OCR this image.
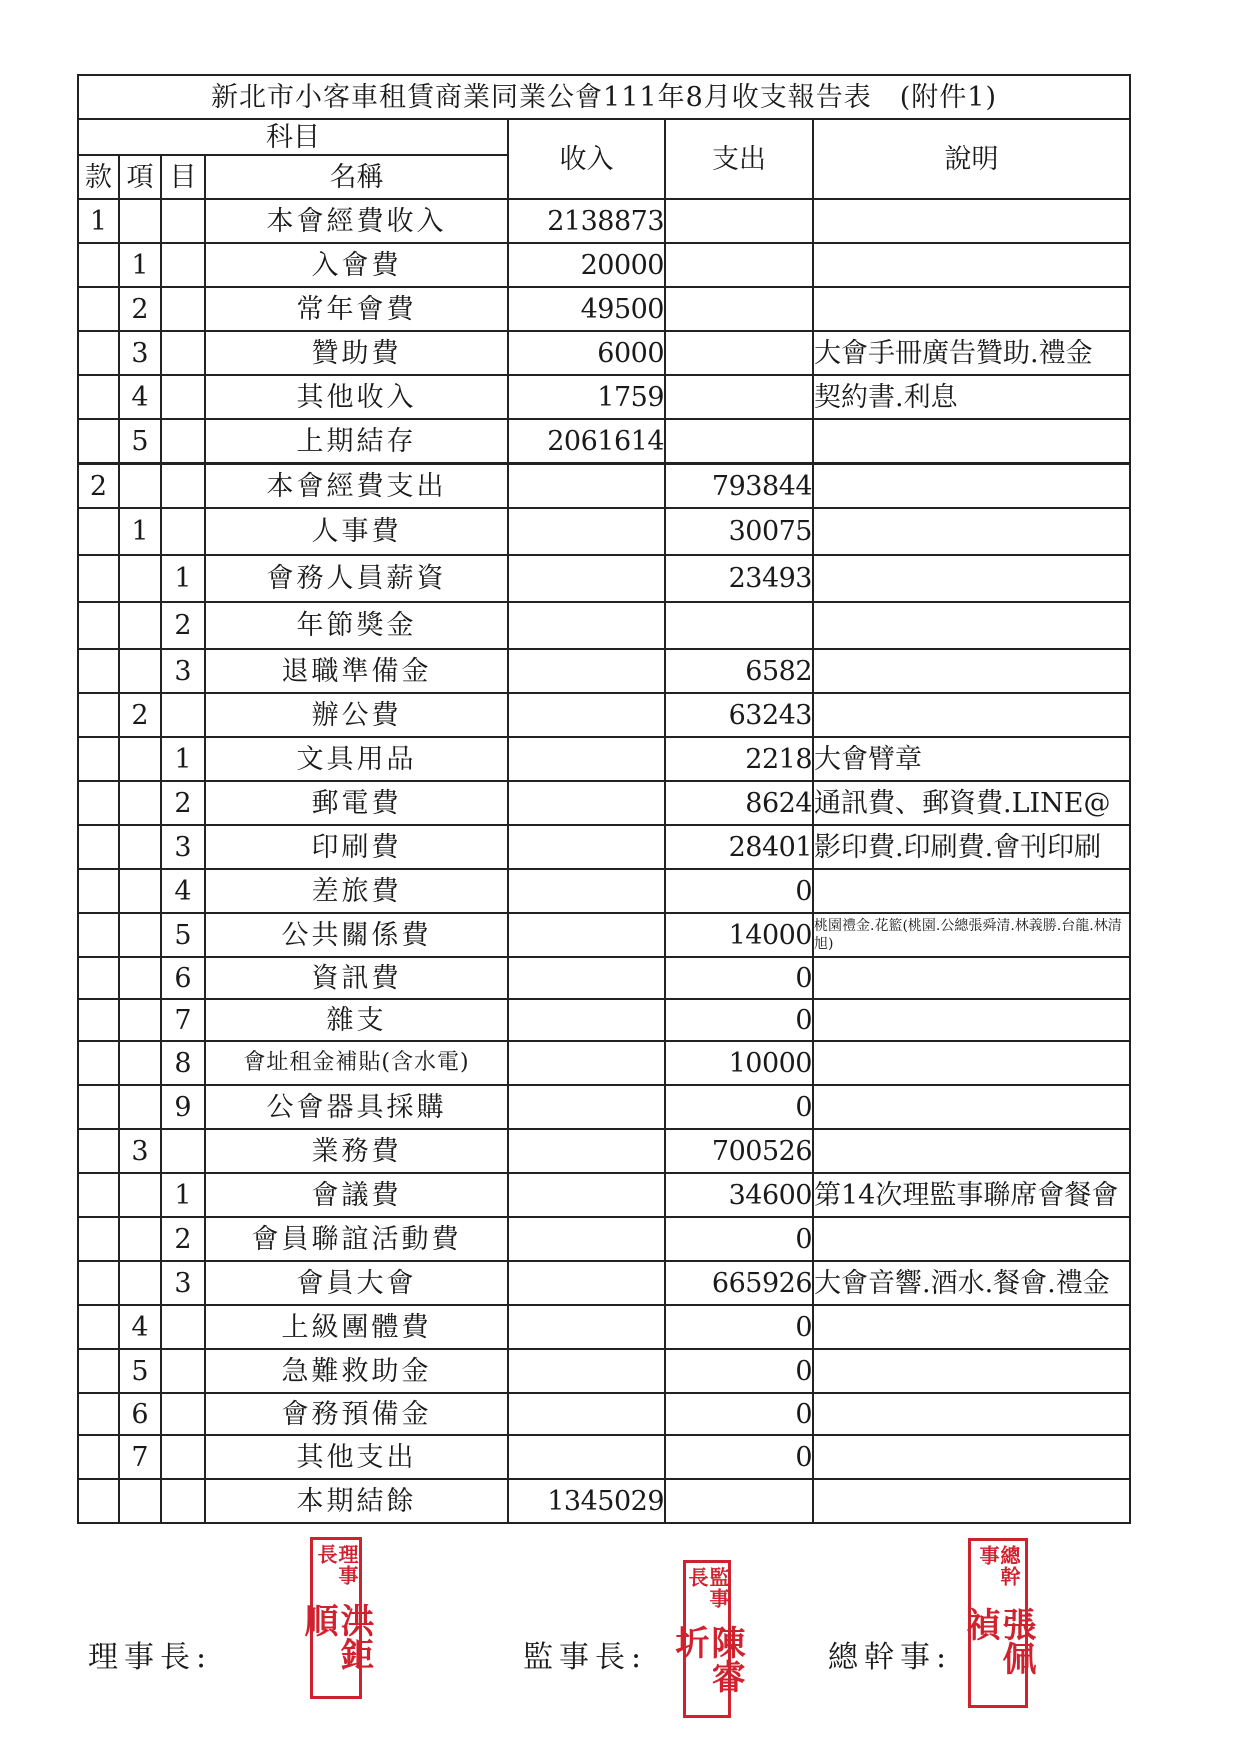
新北市小客車租賃商業同業公會111年8月收支報告表　(附件1)						
科目				收入	支出	說明
款	項	目	名稱			
1			本會經費收入	2138873		
	1		入會費	20000		
	2		常年會費	49500		
	3		贊助費	6000		大會手冊廣告贊助.禮金
	4		其他收入	1759		契約書.利息
	5		上期結存	2061614		
2			本會經費支出		793844	
	1		人事費		30075	
		1	會務人員薪資		23493	
		2	年節獎金			
		3	退職準備金		6582	
	2		辦公費		63243	
		1	文具用品		2218	大會臂章
		2	郵電費		8624	通訊費、郵資費.LINE@
		3	印刷費		28401	影印費.印刷費.會刊印刷
		4	差旅費		0	
		5	公共關係費		14000	桃園禮金.花籃(桃園.公總張舜清.林義勝.台龍.林清旭)
		6	資訊費		0	
		7	雜支		0	
		8	會址租金補貼(含水電)		10000	
		9	公會器具採購		0	
	3		業務費		700526	
		1	會議費		34600	第14次理監事聯席會餐會
		2	會員聯誼活動費		0	
		3	會員大會		665926	大會音響.酒水.餐會.禮金
	4		上級團體費		0	
	5		急難救助金		0	
	6		會務預備金		0	
	7		其他支出		0	
			本期結餘	1345029		
理事長:	監事長:	總幹事:
理事長
洪鉅順
監事長
陳睿圻
總幹事
張佩禎
